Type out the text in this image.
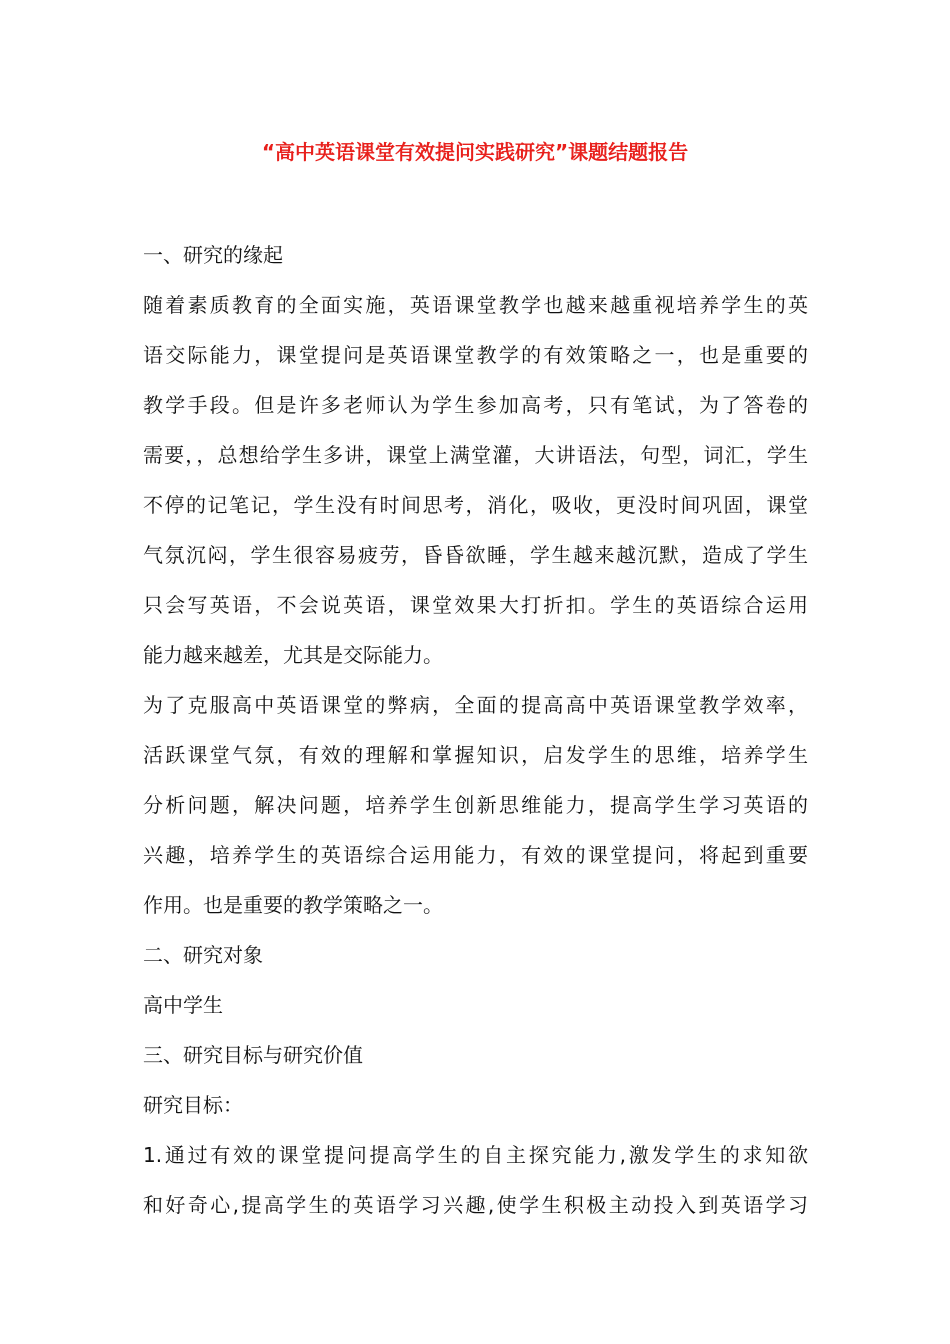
“高中英语课堂有效提问实践研究”课题结题报告
一、研究的缘起
随着素质教育的全面实施，英语课堂教学也越来越重视培养学生的英
语交际能力，课堂提问是英语课堂教学的有效策略之一，也是重要的
教学手段。但是许多老师认为学生参加高考，只有笔试，为了答卷的
需要，，总想给学生多讲，课堂上满堂灌，大讲语法，句型，词汇，学生
不停的记笔记，学生没有时间思考，消化，吸收，更没时间巩固，课堂
气氛沉闷，学生很容易疲劳，昏昏欲睡，学生越来越沉默，造成了学生
只会写英语，不会说英语，课堂效果大打折扣。学生的英语综合运用
能力越来越差，尤其是交际能力。
为了克服高中英语课堂的弊病，全面的提高高中英语课堂教学效率，
活跃课堂气氛，有效的理解和掌握知识，启发学生的思维，培养学生
分析问题，解决问题，培养学生创新思维能力，提高学生学习英语的
兴趣，培养学生的英语综合运用能力，有效的课堂提问，将起到重要
作用。也是重要的教学策略之一。
二、研究对象
高中学生
三、研究目标与研究价值
研究目标：
1.通过有效的课堂提问提高学生的自主探究能力,激发学生的求知欲
和好奇心,提高学生的英语学习兴趣,使学生积极主动投入到英语学习
